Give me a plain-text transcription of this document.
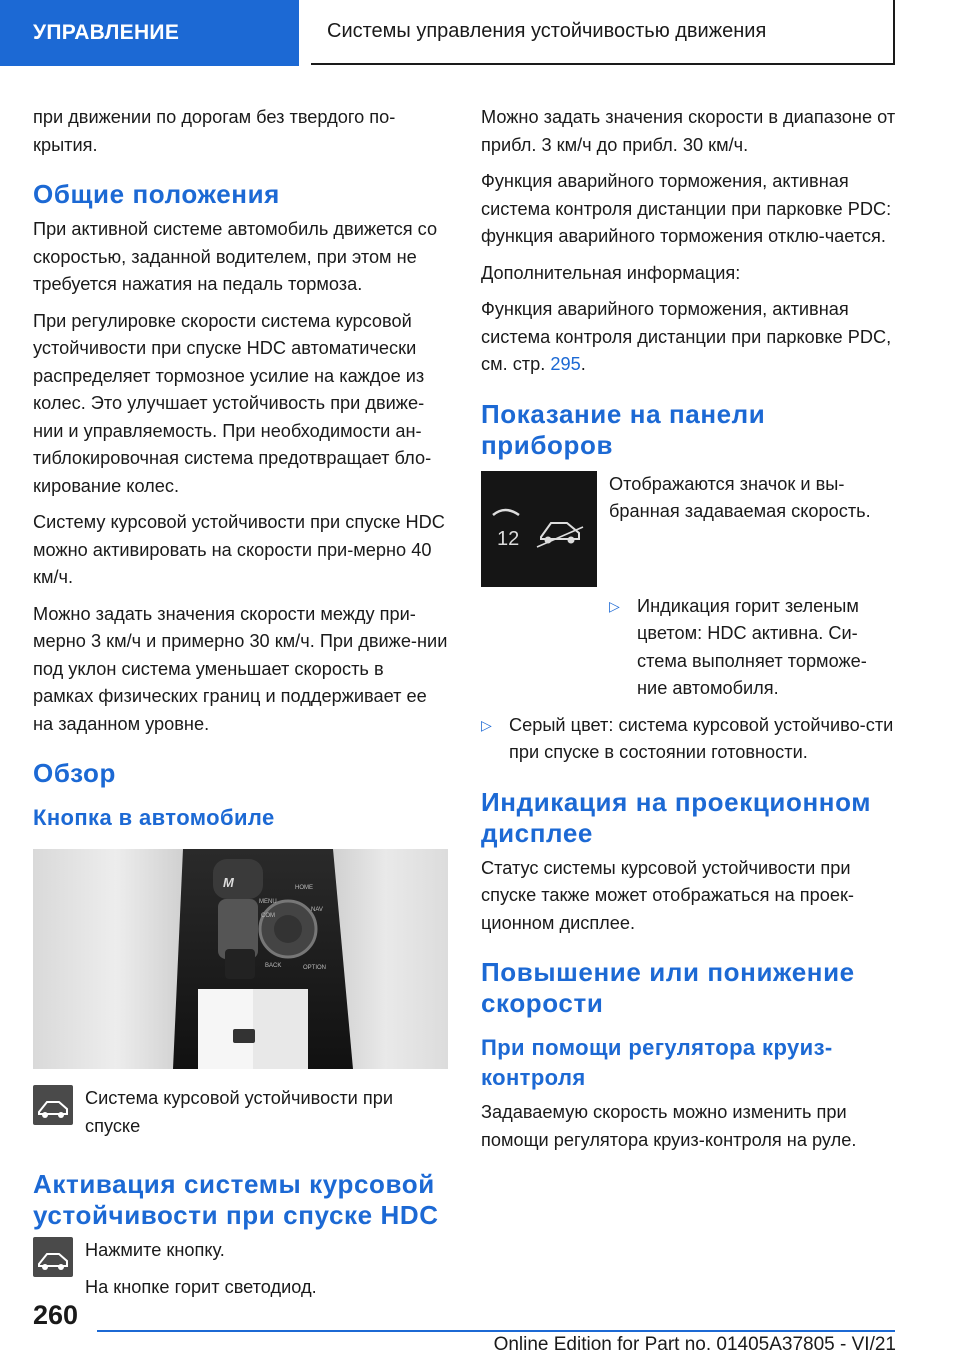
УПРАВЛЕНИЕ	Системы управления устойчивостью движения

при движении по дорогам без твердого по-крытия.

Общие положения

При активной системе автомобиль движется со скоростью, заданной водителем, при этом не требуется нажатия на педаль тормоза.

При регулировке скорости система курсовой устойчивости при спуске HDC автоматически распределяет тормозное усилие на каждое из колес. Это улучшает устойчивость при движе-нии и управляемость. При необходимости ан-тиблокировочная система предотвращает бло-кирование колес.

Систему курсовой устойчивости при спуске HDC можно активировать на скорости при-мерно 40 км/ч.

Можно задать значения скорости между при-мерно 3 км/ч и примерно 30 км/ч. При движе-нии под уклон система уменьшает скорость в рамках физических границ и поддерживает ее на заданном уровне.

Обзор
Кнопка в автомобиле
M
MENU
HOME
COM
NAV
BACK	OPTION

Система курсовой устойчивости при спуске

Активация системы курсовой устойчивости при спуске HDC

Нажмите кнопку.

На кнопке горит светодиод.

Можно задать значения скорости в диапазоне от прибл. 3 км/ч до прибл. 30 км/ч.

Функция аварийного торможения, активная система контроля дистанции при парковке PDC: функция аварийного торможения отклю-чается.

Дополнительная информация:

Функция аварийного торможения, активная система контроля дистанции при парковке PDC, см. стр. 295.

Показание на панели приборов
12

Отображаются значок и вы-бранная задаваемая скорость.

▷ Индикация горит зеленым цветом: HDC активна. Си-стема выполняет торможе-ние автомобиля.

▷ Серый цвет: система курсовой устойчиво-сти при спуске в состоянии готовности.

Индикация на проекционном дисплее

Статус системы курсовой устойчивости при спуске также может отображаться на проек-ционном дисплее.

Повышение или понижение скорости
При помощи регулятора круиз-контроля

Задаваемую скорость можно изменить при помощи регулятора круиз-контроля на руле.

260
Online Edition for Part no. 01405A37805 - VI/21
